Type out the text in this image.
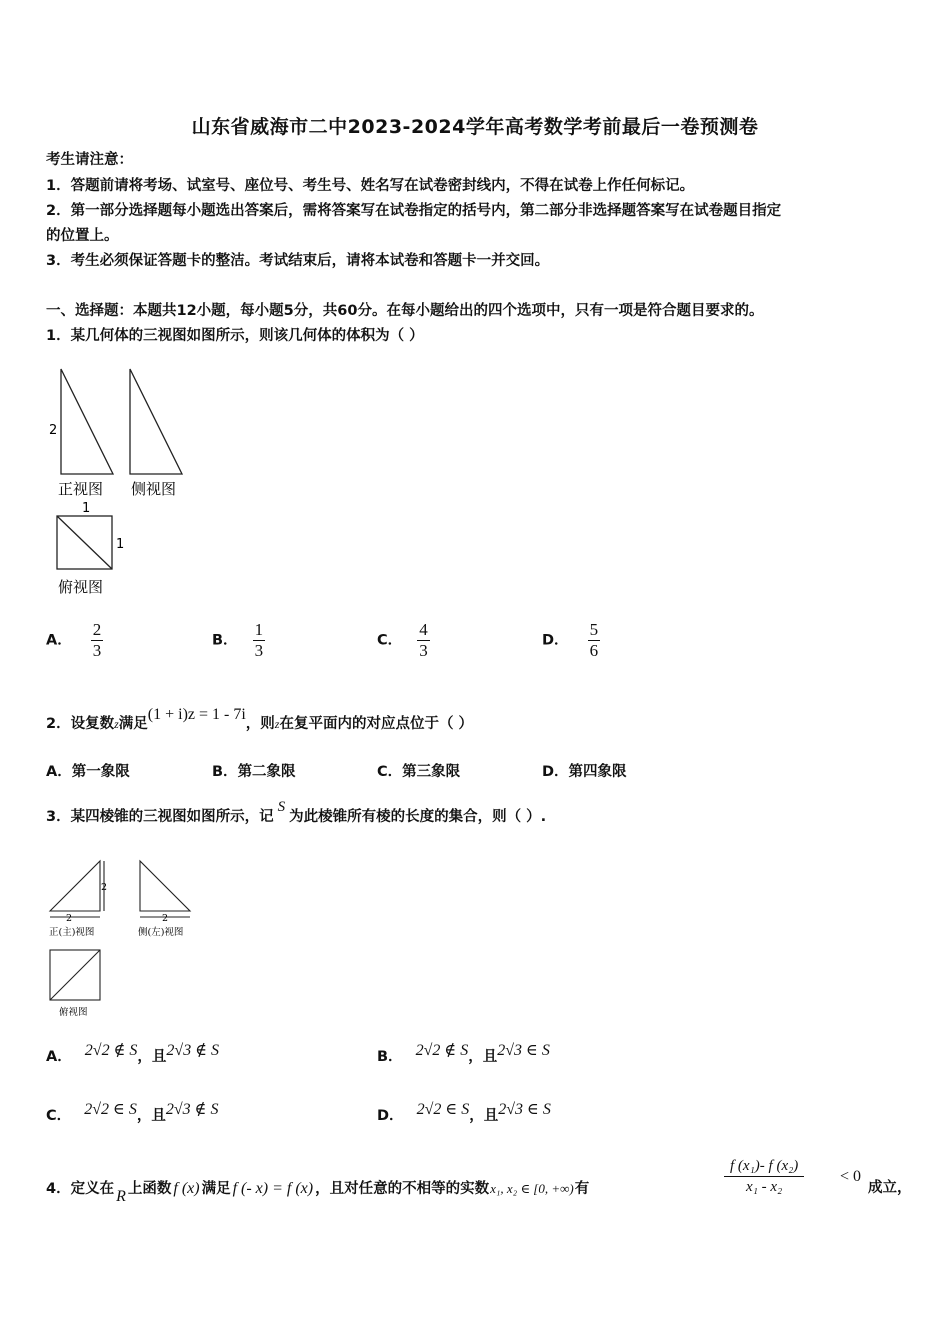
山东省威海市二中2023-2024学年高考数学考前最后一卷预测卷
考生请注意：
1．答题前请将考场、试室号、座位号、考生号、姓名写在试卷密封线内，不得在试卷上作任何标记。
2．第一部分选择题每小题选出答案后，需将答案写在试卷指定的括号内，第二部分非选择题答案写在试卷题目指定
的位置上。
3．考生必须保证答题卡的整洁。考试结束后，请将本试卷和答题卡一并交回。
一、选择题：本题共12小题，每小题5分，共60分。在每小题给出的四个选项中，只有一项是符合题目要求的。
1．某几何体的三视图如图所示，则该几何体的体积为（ ）
2
正视图 侧视图
1
1
俯视图
A． $\frac{2}{3}$	B． $\frac{1}{3}$	C． $\frac{4}{3}$	D． $\frac{5}{6}$
2．设复数z满足(1 + i)z = 1 - 7i，则z在复平面内的对应点位于（ ）
A．第一象限	B．第二象限	C．第三象限	D．第四象限
3．某四棱锥的三视图如图所示，记S为此棱锥所有棱的长度的集合，则（ ）.
2
2
2
正(主)视图	侧(左)视图
俯视图
A． 2√2 ∉ S，且2√3 ∉ S	B． 2√2 ∉ S，且2√3 ∈ S
C． 2√2 ∈ S，且2√3 ∉ S	D． 2√2 ∈ S，且2√3 ∈ S
4．定义在 R 上函数 f (x) 满足 f (- x) = f (x) ，且对任意的不相等的实数x₁, x₂ ∈ [0, +∞)有	$\frac{\text{f (x₁)- f (x₂)}}{\text{x₁ - x₂}} < 0$
成立，
